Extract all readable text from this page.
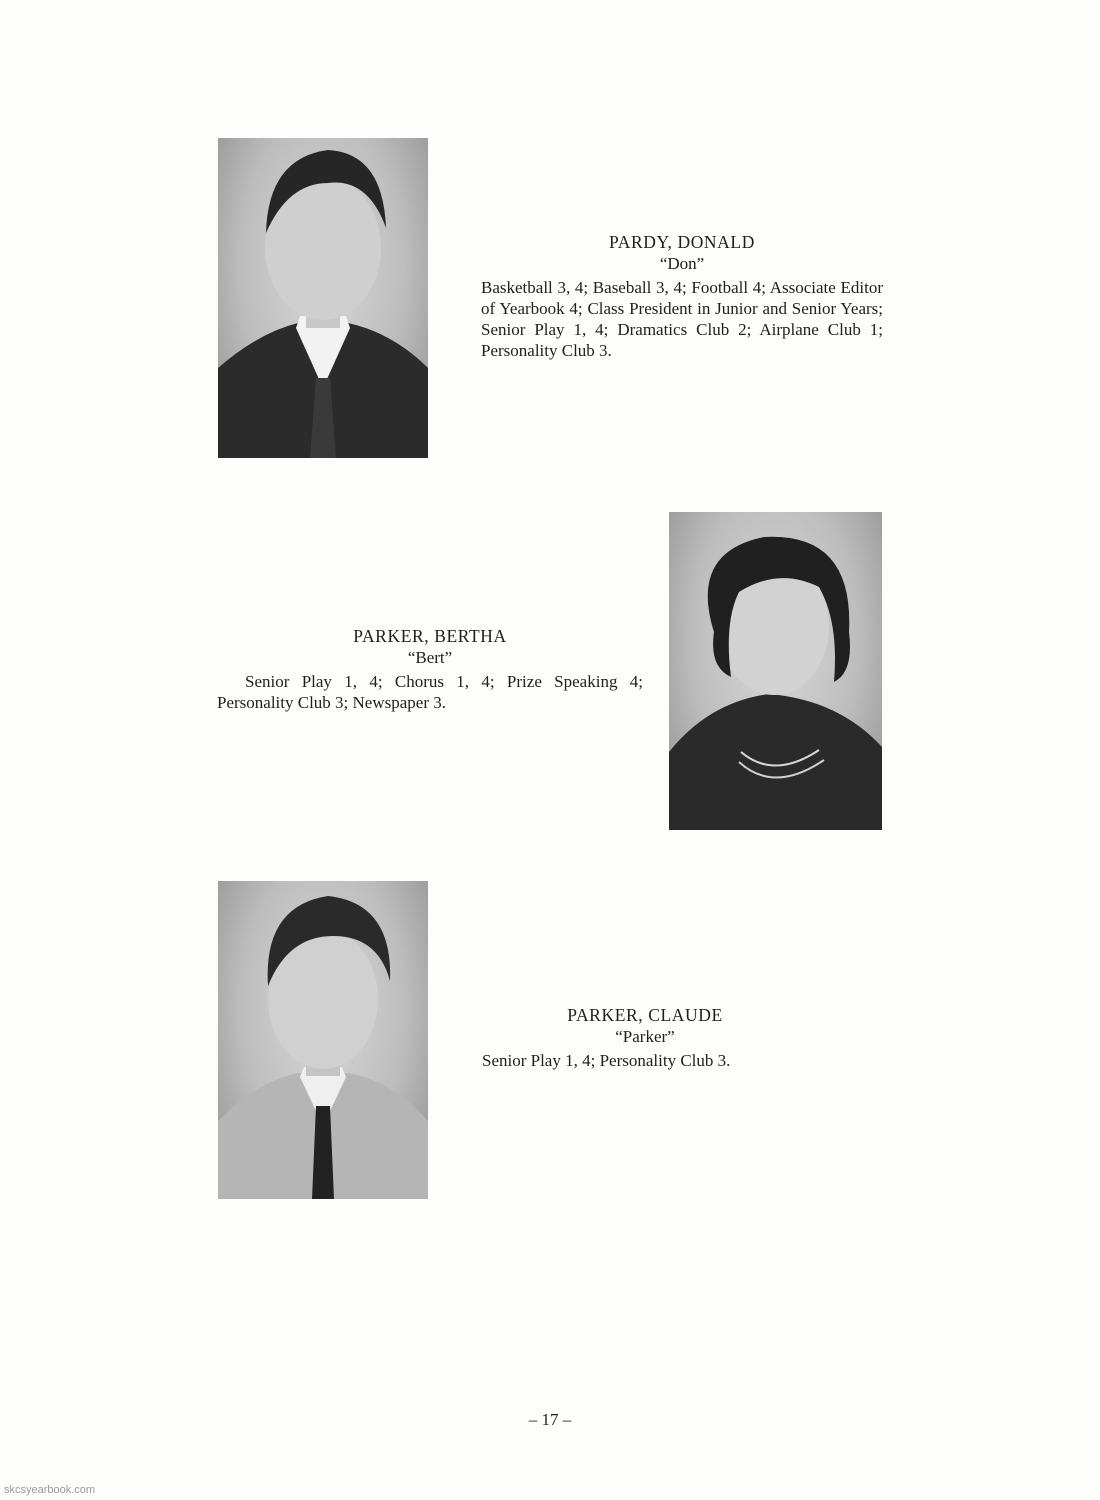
PARDY, DONALD
“Don”
Basketball 3, 4; Baseball 3, 4; Football 4; Associate Editor of Yearbook 4; Class President in Junior and Senior Years; Senior Play 1, 4; Dramatics Club 2; Airplane Club 1; Personality Club 3.
PARKER, BERTHA
“Bert”
Senior Play 1, 4; Chorus 1, 4; Prize Speaking 4; Personality Club 3; Newspaper 3.
PARKER, CLAUDE
“Parker”
Senior Play 1, 4; Personality Club 3.
– 17 –
skcsyearbook.com
